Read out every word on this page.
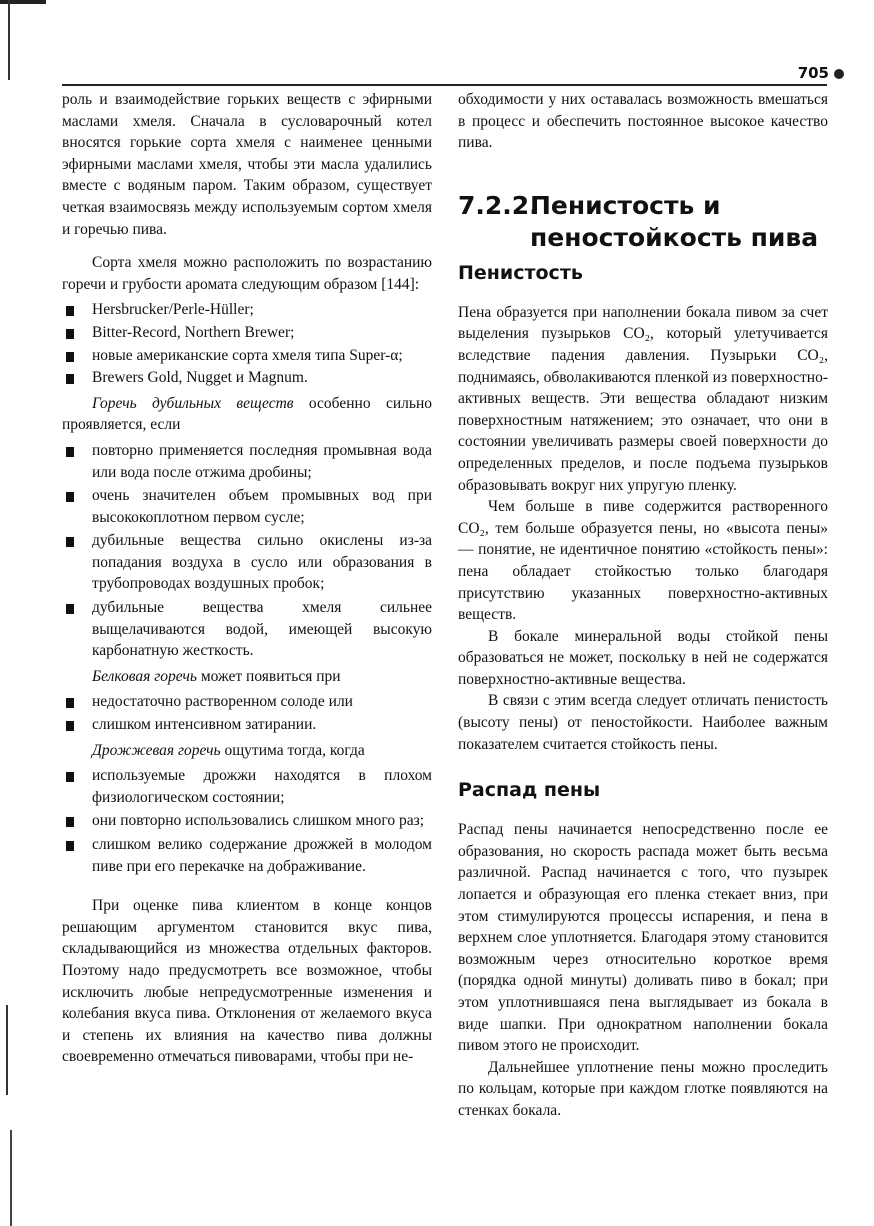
705

роль и взаимодействие горьких веществ с эфирными маслами хмеля. Сначала в сусловарочный котел вносятся горькие сорта хмеля с наименее ценными эфирными маслами хмеля, чтобы эти масла удалились вместе с водяным паром. Таким образом, существует четкая взаимосвязь между используемым сортом хмеля и горечью пива.

Сорта хмеля можно расположить по возрастанию горечи и грубости аромата следующим образом [144]:

Hersbrucker/Perle-Hüller;
Bitter-Record, Northern Brewer;
новые американские сорта хмеля типа Super-α;
Brewers Gold, Nugget и Magnum.

Горечь дубильных веществ особенно сильно проявляется, если

повторно применяется последняя промывная вода или вода после отжима дробины;
очень значителен объем промывных вод при высококоплотном первом сусле;
дубильные вещества сильно окислены из-за попадания воздуха в сусло или образования в трубопроводах воздушных пробок;
дубильные вещества хмеля сильнее выщелачиваются водой, имеющей высокую карбонатную жесткость.

Белковая горечь может появиться при

недостаточно растворенном солоде или
слишком интенсивном затирании.

Дрожжевая горечь ощутима тогда, когда

используемые дрожжи находятся в плохом физиологическом состоянии;
они повторно использовались слишком много раз;
слишком велико содержание дрожжей в молодом пиве при его перекачке на дображивание.

При оценке пива клиентом в конце концов решающим аргументом становится вкус пива, складывающийся из множества отдельных факторов. Поэтому надо предусмотреть все возможное, чтобы исключить любые непредусмотренные изменения и колебания вкуса пива. Отклонения от желаемого вкуса и степень их влияния на качество пива должны своевременно отмечаться пивоварами, чтобы при не-

обходимости у них оставалась возможность вмешаться в процесс и обеспечить постоянное высокое качество пива.

7.2.2.Пенистость и
пеностойкость пива
Пенистость

Пена образуется при наполнении бокала пивом за счет выделения пузырьков CO₂, который улетучивается вследствие падения давления. Пузырьки CO₂, поднимаясь, обволакиваются пленкой из поверхностно-активных веществ. Эти вещества обладают низким поверхностным натяжением; это означает, что они в состоянии увеличивать размеры своей поверхности до определенных пределов, и после подъема пузырьков образовывать вокруг них упругую пленку.

Чем больше в пиве содержится растворенного CO₂, тем больше образуется пены, но «высота пены» — понятие, не идентичное понятию «стойкость пены»: пена обладает стойкостью только благодаря присутствию указанных поверхностно-активных веществ.

В бокале минеральной воды стойкой пены образоваться не может, поскольку в ней не содержатся поверхностно-активные вещества.

В связи с этим всегда следует отличать пенистость (высоту пены) от пеностойкости. Наиболее важным показателем считается стойкость пены.

Распад пены

Распад пены начинается непосредственно после ее образования, но скорость распада может быть весьма различной. Распад начинается с того, что пузырек лопается и образующая его пленка стекает вниз, при этом стимулируются процессы испарения, и пена в верхнем слое уплотняется. Благодаря этому становится возможным через относительно короткое время (порядка одной минуты) доливать пиво в бокал; при этом уплотнившаяся пена выглядывает из бокала в виде шапки. При однократном наполнении бокала пивом этого не происходит.

Дальнейшее уплотнение пены можно проследить по кольцам, которые при каждом глотке появляются на стенках бокала.
